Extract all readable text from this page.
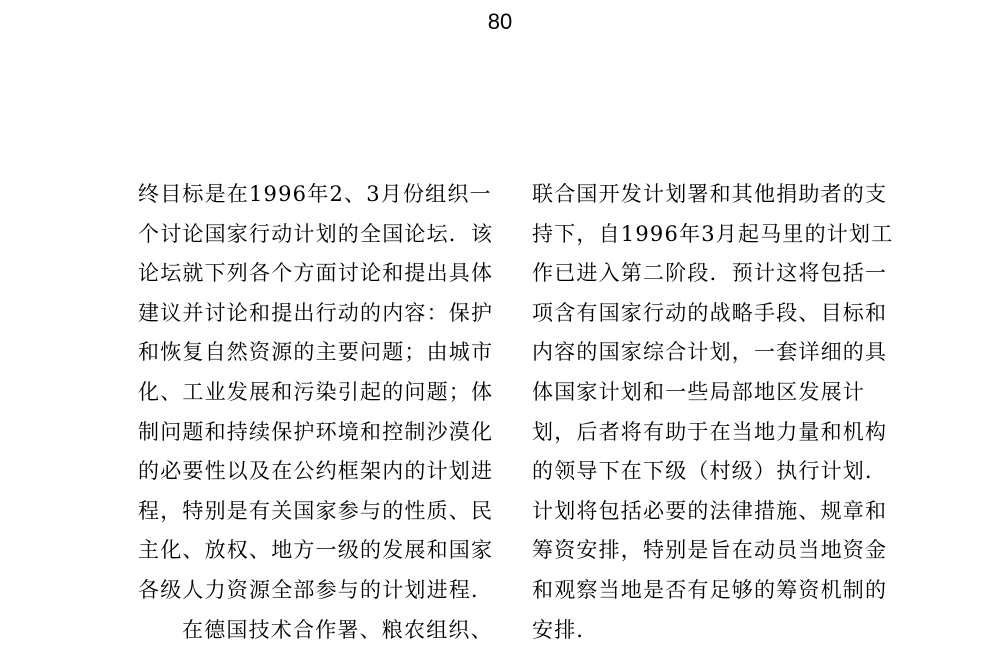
80
终目标是在1996年2、3月份组织一
个讨论国家行动计划的全国论坛．该
论坛就下列各个方面讨论和提出具体
建议并讨论和提出行动的内容：保护
和恢复自然资源的主要问题；由城市
化、工业发展和污染引起的问题；体
制问题和持续保护环境和控制沙漠化
的必要性以及在公约框架内的计划进
程，特别是有关国家参与的性质、民
主化、放权、地方一级的发展和国家
各级人力资源全部参与的计划进程．
在德国技术合作署、粮农组织、
联合国开发计划署和其他捐助者的支
持下，自1996年3月起马里的计划工
作已进入第二阶段．预计这将包括一
项含有国家行动的战略手段、目标和
内容的国家综合计划，一套详细的具
体国家计划和一些局部地区发展计
划，后者将有助于在当地力量和机构
的领导下在下级（村级）执行计划．
计划将包括必要的法律措施、规章和
筹资安排，特别是旨在动员当地资金
和观察当地是否有足够的筹资机制的
安排．
